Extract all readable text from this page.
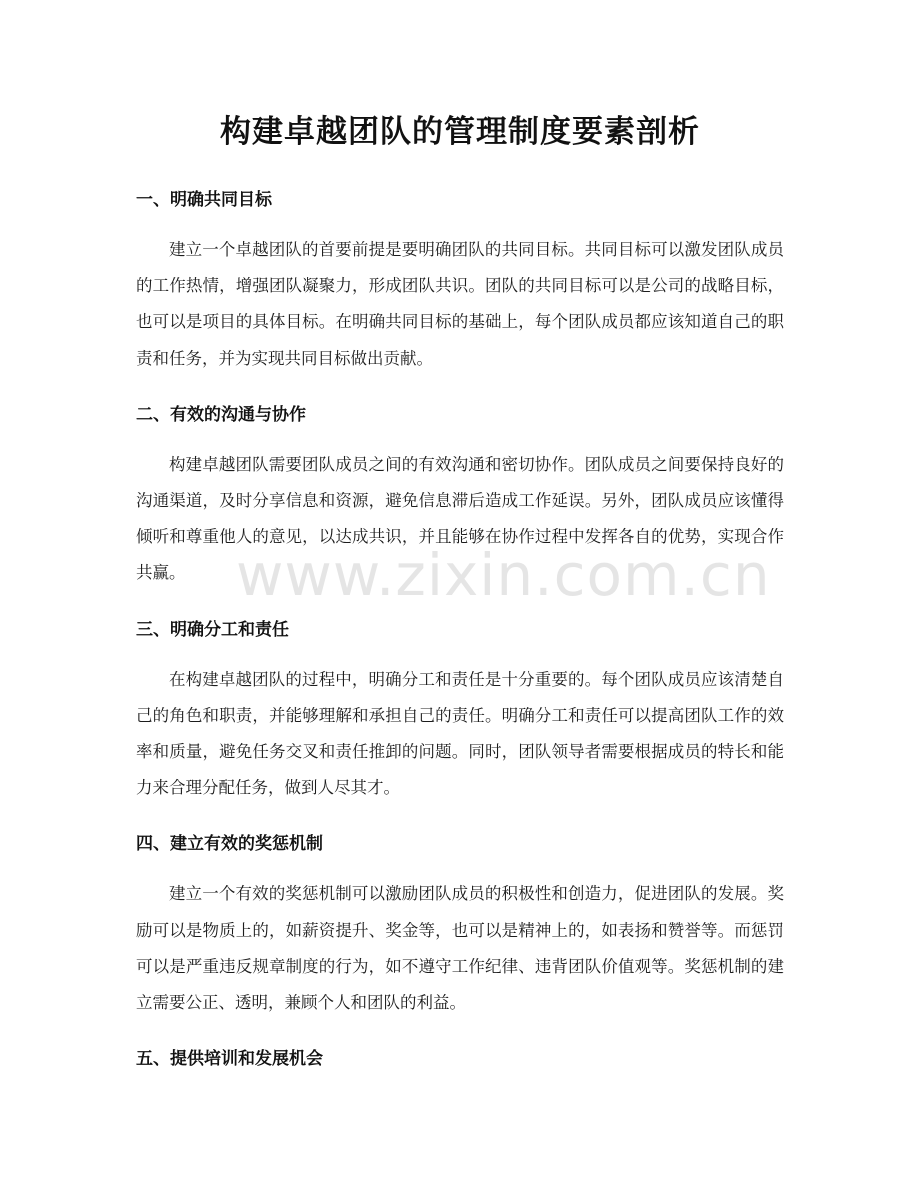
构建卓越团队的管理制度要素剖析
一、明确共同目标

建立一个卓越团队的首要前提是要明确团队的共同目标。共同目标可以激发团队成员的工作热情，增强团队凝聚力，形成团队共识。团队的共同目标可以是公司的战略目标，也可以是项目的具体目标。在明确共同目标的基础上，每个团队成员都应该知道自己的职责和任务，并为实现共同目标做出贡献。

二、有效的沟通与协作

构建卓越团队需要团队成员之间的有效沟通和密切协作。团队成员之间要保持良好的沟通渠道，及时分享信息和资源，避免信息滞后造成工作延误。另外，团队成员应该懂得倾听和尊重他人的意见，以达成共识，并且能够在协作过程中发挥各自的优势，实现合作共赢。

三、明确分工和责任

在构建卓越团队的过程中，明确分工和责任是十分重要的。每个团队成员应该清楚自己的角色和职责，并能够理解和承担自己的责任。明确分工和责任可以提高团队工作的效率和质量，避免任务交叉和责任推卸的问题。同时，团队领导者需要根据成员的特长和能力来合理分配任务，做到人尽其才。

四、建立有效的奖惩机制

建立一个有效的奖惩机制可以激励团队成员的积极性和创造力，促进团队的发展。奖励可以是物质上的，如薪资提升、奖金等，也可以是精神上的，如表扬和赞誉等。而惩罚可以是严重违反规章制度的行为，如不遵守工作纪律、违背团队价值观等。奖惩机制的建立需要公正、透明，兼顾个人和团队的利益。

五、提供培训和发展机会
www.zixin.com.cn
